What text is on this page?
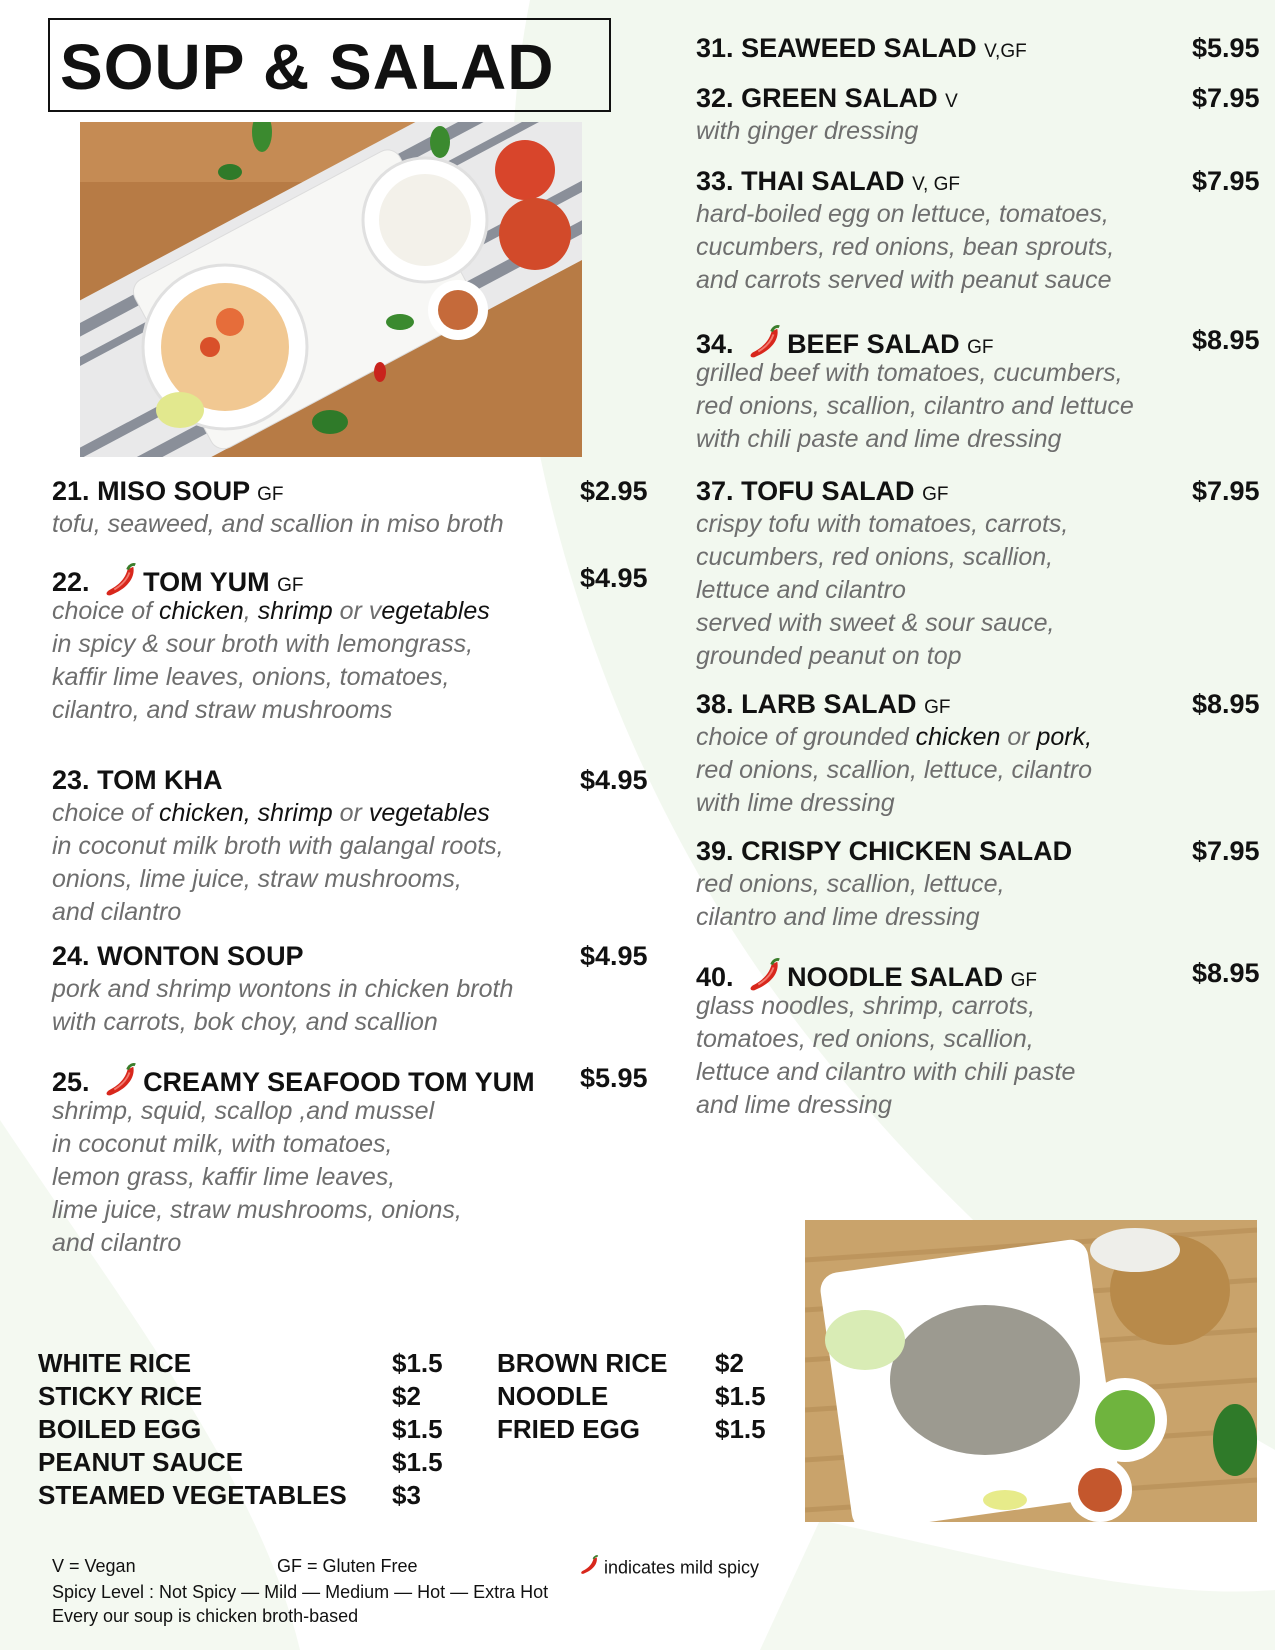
SOUP & SALAD
21. MISO SOUP GF	$2.95
tofu, seaweed, and scallion in miso broth
22. TOM YUM GF	$4.95
choice of chicken, shrimp or vegetables
in spicy & sour broth with lemongrass,
kaffir lime leaves, onions, tomatoes,
cilantro, and straw mushrooms
23. TOM KHA	$4.95
choice of chicken, shrimp or vegetables
in coconut milk broth with galangal roots,
onions, lime juice, straw mushrooms,
and cilantro
24. WONTON SOUP	$4.95
pork and shrimp wontons in chicken broth
with carrots, bok choy, and scallion
25. CREAMY SEAFOOD TOM YUM	$5.95
shrimp, squid, scallop ,and mussel
in coconut milk, with tomatoes,
lemon grass, kaffir lime leaves,
lime juice, straw mushrooms, onions,
and cilantro
31. SEAWEED SALAD V,GF	$5.95
32. GREEN SALAD V	$7.95
with ginger dressing
33. THAI SALAD V, GF	$7.95
hard-boiled egg on lettuce, tomatoes,
cucumbers, red onions, bean sprouts,
and carrots served with peanut sauce
34. BEEF SALAD GF	$8.95
grilled beef with tomatoes, cucumbers,
red onions, scallion, cilantro and lettuce
with chili paste and lime dressing
37. TOFU SALAD GF	$7.95
crispy tofu with tomatoes, carrots,
cucumbers, red onions, scallion,
lettuce and cilantro
served with sweet & sour sauce,
grounded peanut on top
38. LARB SALAD GF	$8.95
choice of grounded chicken or pork,
red onions, scallion, lettuce, cilantro
with lime dressing
39. CRISPY CHICKEN SALAD	$7.95
red onions, scallion, lettuce,
cilantro and lime dressing
40. NOODLE SALAD GF	$8.95
glass noodles, shrimp, carrots,
tomatoes, red onions, scallion,
lettuce and cilantro with chili paste
and lime dressing
WHITE RICE	$1.5
STICKY RICE	$2
BOILED EGG	$1.5
PEANUT SAUCE	$1.5
STEAMED VEGETABLES $3
BROWN RICE $2
NOODLE	$1.5
FRIED EGG	$1.5
V = Vegan	GF = Gluten Free	indicates mild spicy
Spicy Level : Not Spicy — Mild — Medium — Hot — Extra Hot
Every our soup is chicken broth-based
